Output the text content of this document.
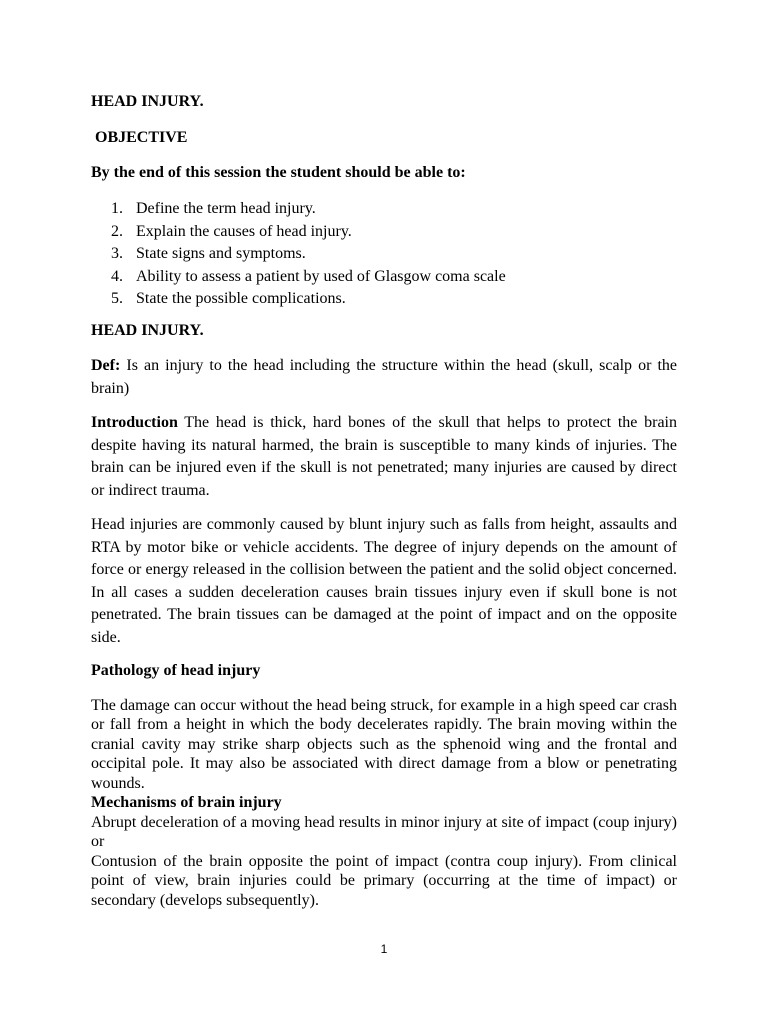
HEAD INJURY.
OBJECTIVE
By the end of this session the student should be able to:
1. Define the term head injury.
2. Explain the causes of head injury.
3. State signs and symptoms.
4. Ability to assess a patient by used of Glasgow coma scale
5. State the possible complications.
HEAD INJURY.
Def: Is an injury to the head including the structure within the head (skull, scalp or the brain)
Introduction The head is thick, hard bones of the skull that helps to protect the brain despite having its natural harmed, the brain is susceptible to many kinds of injuries. The brain can be injured even if the skull is not penetrated; many injuries are caused by direct or indirect trauma.
Head injuries are commonly caused by blunt injury such as falls from height, assaults and RTA by motor bike or vehicle accidents. The degree of injury depends on the amount of force or energy released in the collision between the patient and the solid object concerned. In all cases a sudden deceleration causes brain tissues injury even if skull bone is not penetrated. The brain tissues can be damaged at the point of impact and on the opposite side.
Pathology of head injury
The damage can occur without the head being struck, for example in a high speed car crash or fall from a height in which the body decelerates rapidly. The brain moving within the cranial cavity may strike sharp objects such as the sphenoid wing and the frontal and occipital pole. It may also be associated with direct damage from a blow or penetrating wounds.
Mechanisms of brain injury
Abrupt deceleration of a moving head results in minor injury at site of impact (coup injury) or
Contusion of the brain opposite the point of impact (contra coup injury). From clinical point of view, brain injuries could be primary (occurring at the time of impact) or secondary (develops subsequently).
1
